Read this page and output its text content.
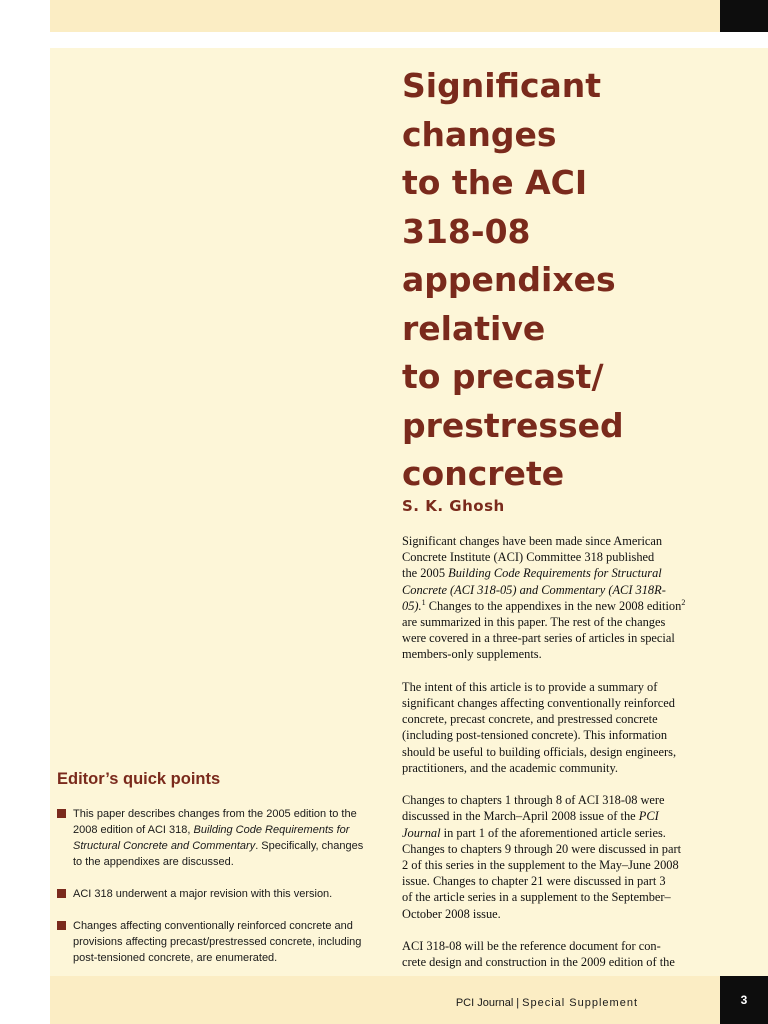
Significant
changes
to the ACI
318-08
appendixes
relative
to precast/
prestressed
concrete
S. K. Ghosh

Significant changes have been made since American
Concrete Institute (ACI) Committee 318 published
the 2005 Building Code Requirements for Structural
Concrete (ACI 318-05) and Commentary (ACI 318R-
05).$^1$ Changes to the appendixes in the new 2008 edition$^2$
are summarized in this paper. The rest of the changes
were covered in a three-part series of articles in special
members-only supplements.

The intent of this article is to provide a summary of
significant changes affecting conventionally reinforced
concrete, precast concrete, and prestressed concrete
(including post-tensioned concrete). This information
should be useful to building officials, design engineers,
practitioners, and the academic community.

Changes to chapters 1 through 8 of ACI 318-08 were
discussed in the March–April 2008 issue of the PCI
Journal in part 1 of the aforementioned article series.
Changes to chapters 9 through 20 were discussed in part
2 of this series in the supplement to the May–June 2008
issue. Changes to chapter 21 were discussed in part 3
of the article series in a supplement to the September–
October 2008 issue.

ACI 318-08 will be the reference document for con-
crete design and construction in the 2009 edition of the

Editor’s quick points
This paper describes changes from the 2005 edition to the
2008 edition of ACI 318, Building Code Requirements for
Structural Concrete and Commentary. Specifically, changes
to the appendixes are discussed.
ACI 318 underwent a major revision with this version.
Changes affecting conventionally reinforced concrete and
provisions affecting precast/prestressed concrete, including
post-tensioned concrete, are enumerated.
PCI Journal | Special Supplement	3
